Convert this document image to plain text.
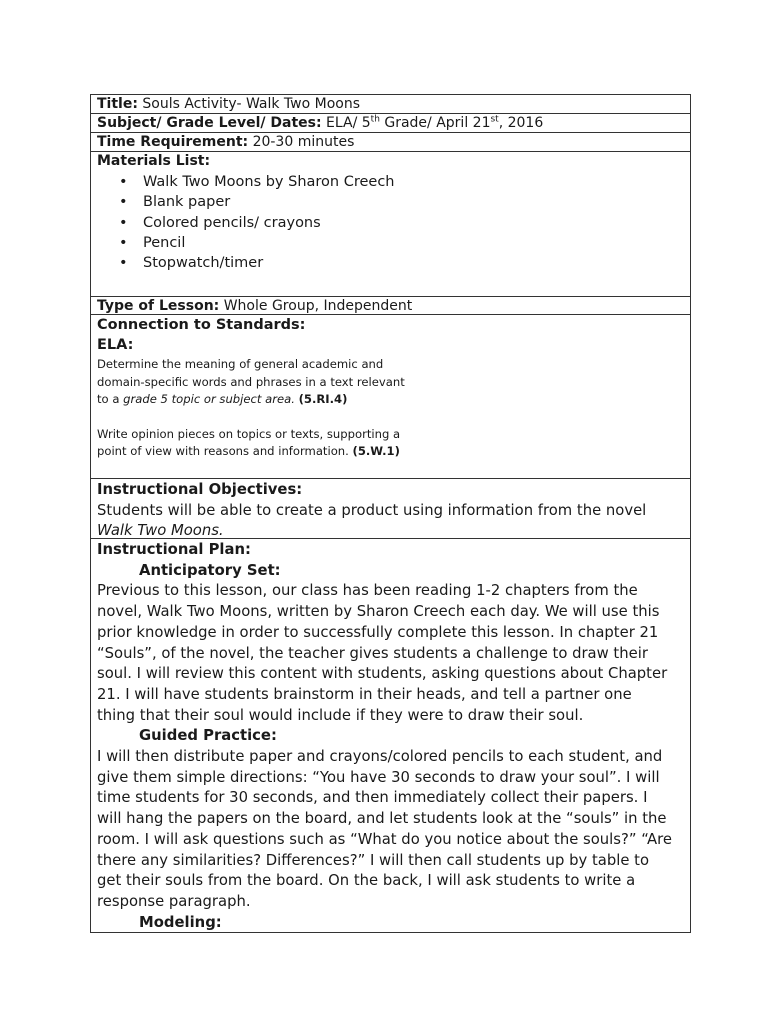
Title: Souls Activity- Walk Two Moons
Subject/ Grade Level/ Dates: ELA/ 5th Grade/ April 21st, 2016
Time Requirement: 20-30 minutes
Materials List:
• Walk Two Moons by Sharon Creech
• Blank paper
• Colored pencils/ crayons
• Pencil
• Stopwatch/timer
Type of Lesson: Whole Group, Independent
Connection to Standards:
ELA:
Determine the meaning of general academic and
domain-specific words and phrases in a text relevant
to a grade 5 topic or subject area. (5.RI.4)
Write opinion pieces on topics or texts, supporting a
point of view with reasons and information. (5.W.1)
Instructional Objectives:
Students will be able to create a product using information from the novel
Walk Two Moons.
Instructional Plan:
Anticipatory Set:
Previous to this lesson, our class has been reading 1-2 chapters from the
novel, Walk Two Moons, written by Sharon Creech each day. We will use this
prior knowledge in order to successfully complete this lesson. In chapter 21
“Souls”, of the novel, the teacher gives students a challenge to draw their
soul. I will review this content with students, asking questions about Chapter
21. I will have students brainstorm in their heads, and tell a partner one
thing that their soul would include if they were to draw their soul.
Guided Practice:
I will then distribute paper and crayons/colored pencils to each student, and
give them simple directions: “You have 30 seconds to draw your soul”. I will
time students for 30 seconds, and then immediately collect their papers. I
will hang the papers on the board, and let students look at the “souls” in the
room. I will ask questions such as “What do you notice about the souls?” “Are
there any similarities? Differences?” I will then call students up by table to
get their souls from the board. On the back, I will ask students to write a
response paragraph.
Modeling:
